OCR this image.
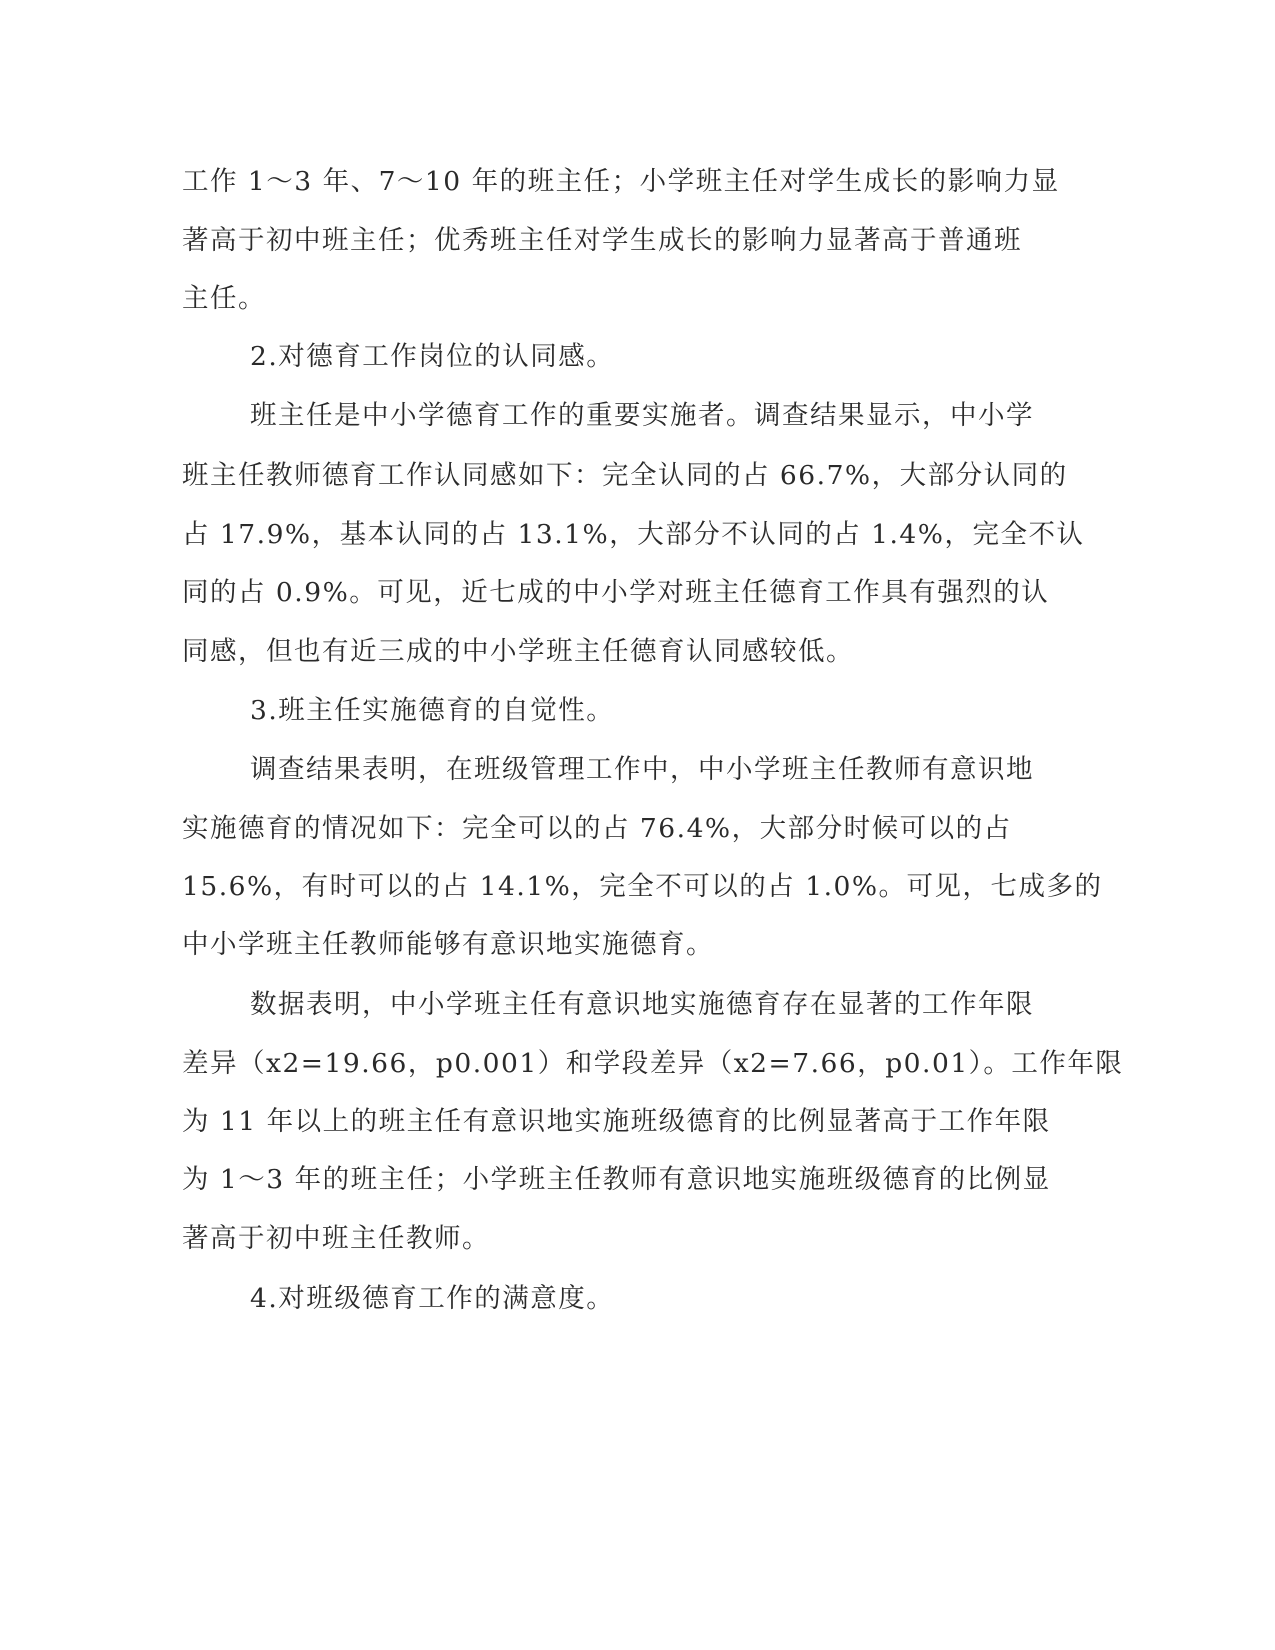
工作 1～3 年、7～10 年的班主任；小学班主任对学生成长的影响力显
著高于初中班主任；优秀班主任对学生成长的影响力显著高于普通班
主任。
2.对德育工作岗位的认同感。
班主任是中小学德育工作的重要实施者。调查结果显示，中小学
班主任教师德育工作认同感如下：完全认同的占 66.7%，大部分认同的
占 17.9%，基本认同的占 13.1%，大部分不认同的占 1.4%，完全不认
同的占 0.9%。可见，近七成的中小学对班主任德育工作具有强烈的认
同感，但也有近三成的中小学班主任德育认同感较低。
3.班主任实施德育的自觉性。
调查结果表明，在班级管理工作中，中小学班主任教师有意识地
实施德育的情况如下：完全可以的占 76.4%，大部分时候可以的占
15.6%，有时可以的占 14.1%，完全不可以的占 1.0%。可见，七成多的
中小学班主任教师能够有意识地实施德育。
数据表明，中小学班主任有意识地实施德育存在显著的工作年限
差异（x2=19.66，p0.001）和学段差异（x2=7.66，p0.01）。工作年限
为 11 年以上的班主任有意识地实施班级德育的比例显著高于工作年限
为 1～3 年的班主任；小学班主任教师有意识地实施班级德育的比例显
著高于初中班主任教师。
4.对班级德育工作的满意度。
